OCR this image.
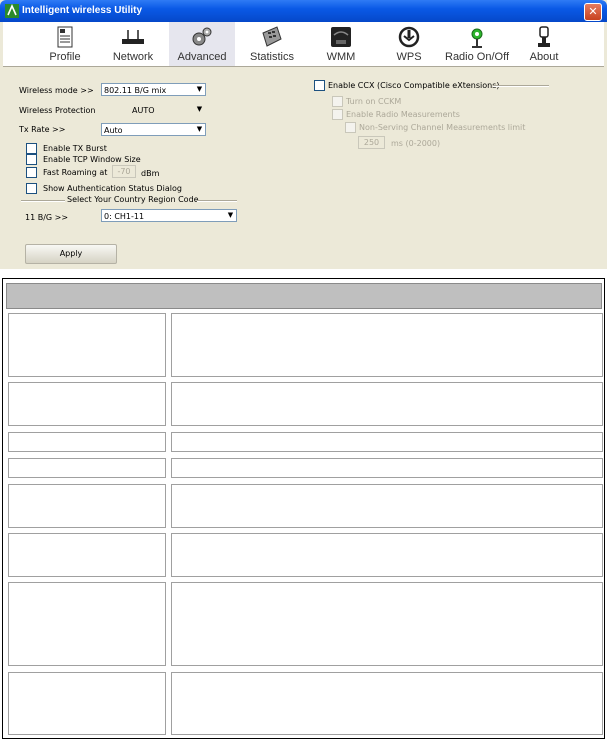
Intelligent wireless Utility	✕
Profile	Network	Advanced	Statistics	WMM	WPS	Radio On/Off	About
Wireless mode >>	802.11 B/G mix	▼
Wireless Protection	AUTO	▼
Tx Rate >>	Auto	▼
Enable TX Burst
Enable TCP Window Size
Fast Roaming at	-70	dBm
Show Authentication Status Dialog
Select Your Country Region Code
11 B/G >>	0: CH1-11	▼
Apply
Enable CCX (Cisco Compatible eXtensions)
Turn on CCKM
Enable Radio Measurements
Non-Serving Channel Measurements limit
250	ms (0-2000)
